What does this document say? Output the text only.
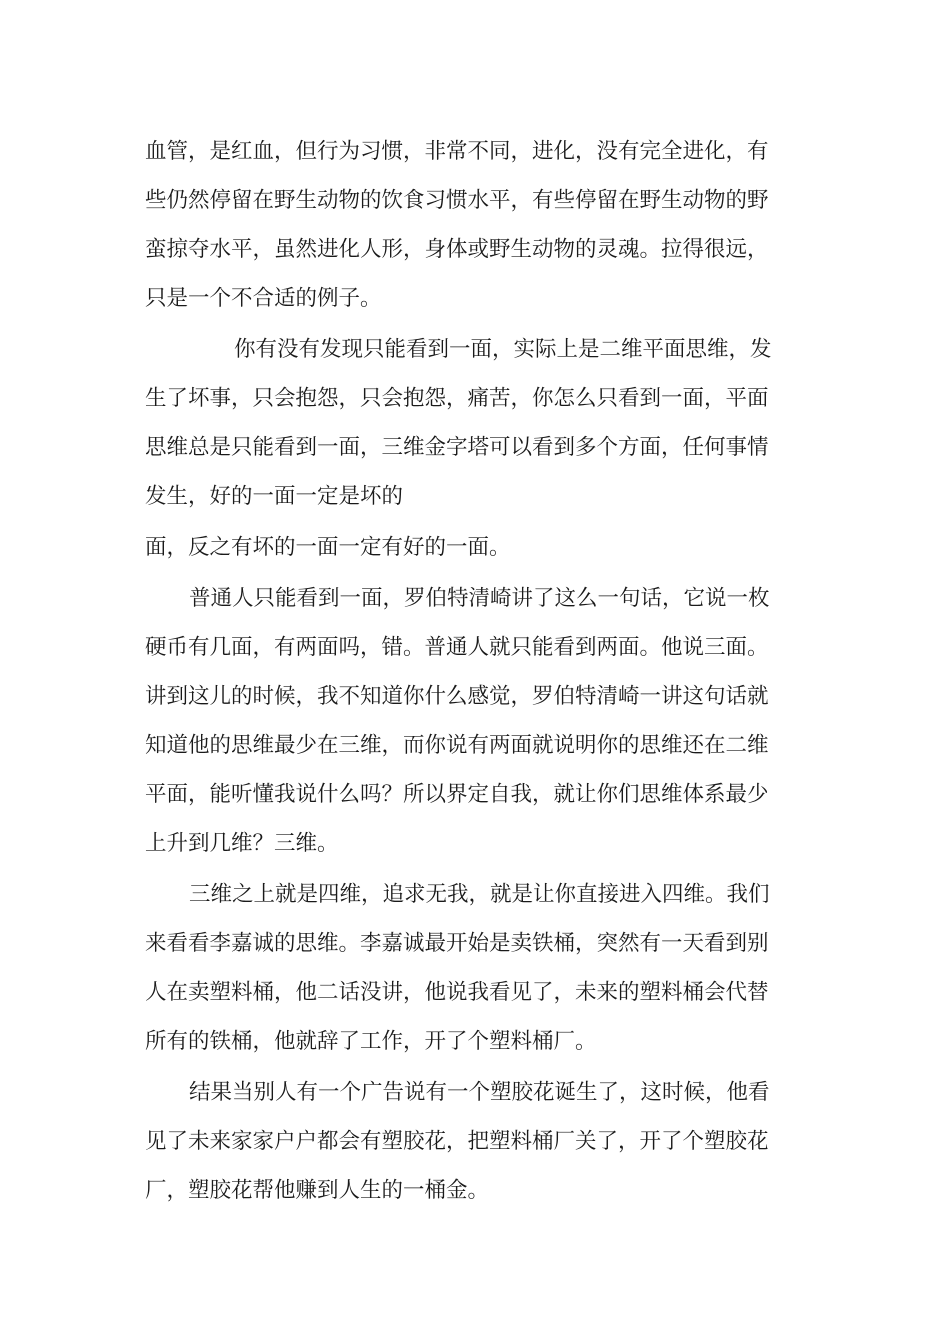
血管，是红血，但行为习惯，非常不同，进化，没有完全进化，有

些仍然停留在野生动物的饮食习惯水平，有些停留在野生动物的野

蛮掠夺水平，虽然进化人形，身体或野生动物的灵魂。拉得很远，

只是一个不合适的例子。

你有没有发现只能看到一面，实际上是二维平面思维，发

生了坏事，只会抱怨，只会抱怨，痛苦，你怎么只看到一面，平面

思维总是只能看到一面，三维金字塔可以看到多个方面，任何事情

发生，好的一面一定是坏的

面，反之有坏的一面一定有好的一面。

普通人只能看到一面，罗伯特清崎讲了这么一句话，它说一枚

硬币有几面，有两面吗，错。普通人就只能看到两面。他说三面。

讲到这儿的时候，我不知道你什么感觉，罗伯特清崎一讲这句话就

知道他的思维最少在三维，而你说有两面就说明你的思维还在二维

平面，能听懂我说什么吗？所以界定自我，就让你们思维体系最少

上升到几维？三维。

三维之上就是四维，追求无我，就是让你直接进入四维。我们

来看看李嘉诚的思维。李嘉诚最开始是卖铁桶，突然有一天看到别

人在卖塑料桶，他二话没讲，他说我看见了，未来的塑料桶会代替

所有的铁桶，他就辞了工作，开了个塑料桶厂。

结果当别人有一个广告说有一个塑胶花诞生了，这时候，他看

见了未来家家户户都会有塑胶花，把塑料桶厂关了，开了个塑胶花

厂，塑胶花帮他赚到人生的一桶金。
